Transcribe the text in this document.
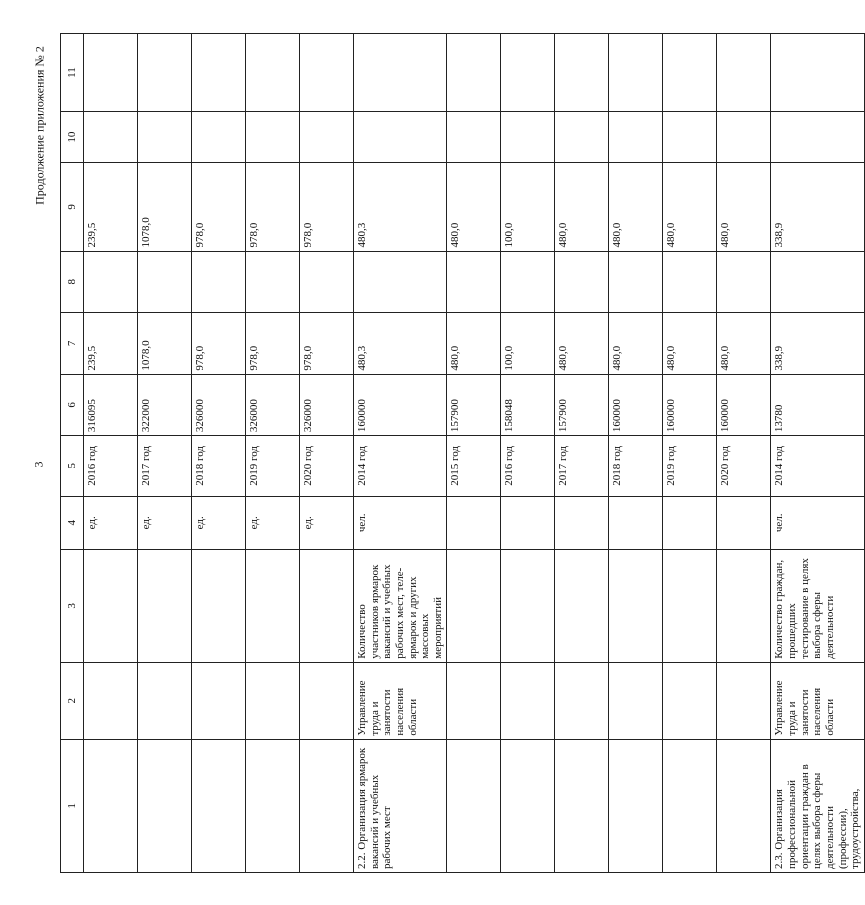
3
Продолжение приложения № 2
1	2	3	4	5	6	7	8	9	10	11
			ед.	2016 год	316095	239,5		239,5		
			ед.	2017 год	322000	1078,0		1078,0		
			ед.	2018 год	326000	978,0		978,0		
			ед.	2019 год	326000	978,0		978,0		
			ед.	2020 год	326000	978,0		978,0		
2.2. Организация ярмарок вакансий и учебных рабочих мест	Управление труда и занятости населения области	Количество участников ярмарок вакансий и учебных рабочих мест, телеярмарок и других массовых мероприятий	чел.	2014 год	160000	480,3		480,3		
				2015 год	157900	480,0		480,0		
				2016 год	158048	100,0		100,0		
				2017 год	157900	480,0		480,0		
				2018 год	160000	480,0		480,0		
				2019 год	160000	480,0		480,0		
				2020 год	160000	480,0		480,0		
2.3. Организация профессиональной ориентации граждан в целях выбора сферы деятельности (профессии), трудоустройства,	Управление труда и занятости населения области	Количество граждан, прошедших тестирование в целях выбора сферы деятельности	чел.	2014 год	13780	338,9		338,9		
